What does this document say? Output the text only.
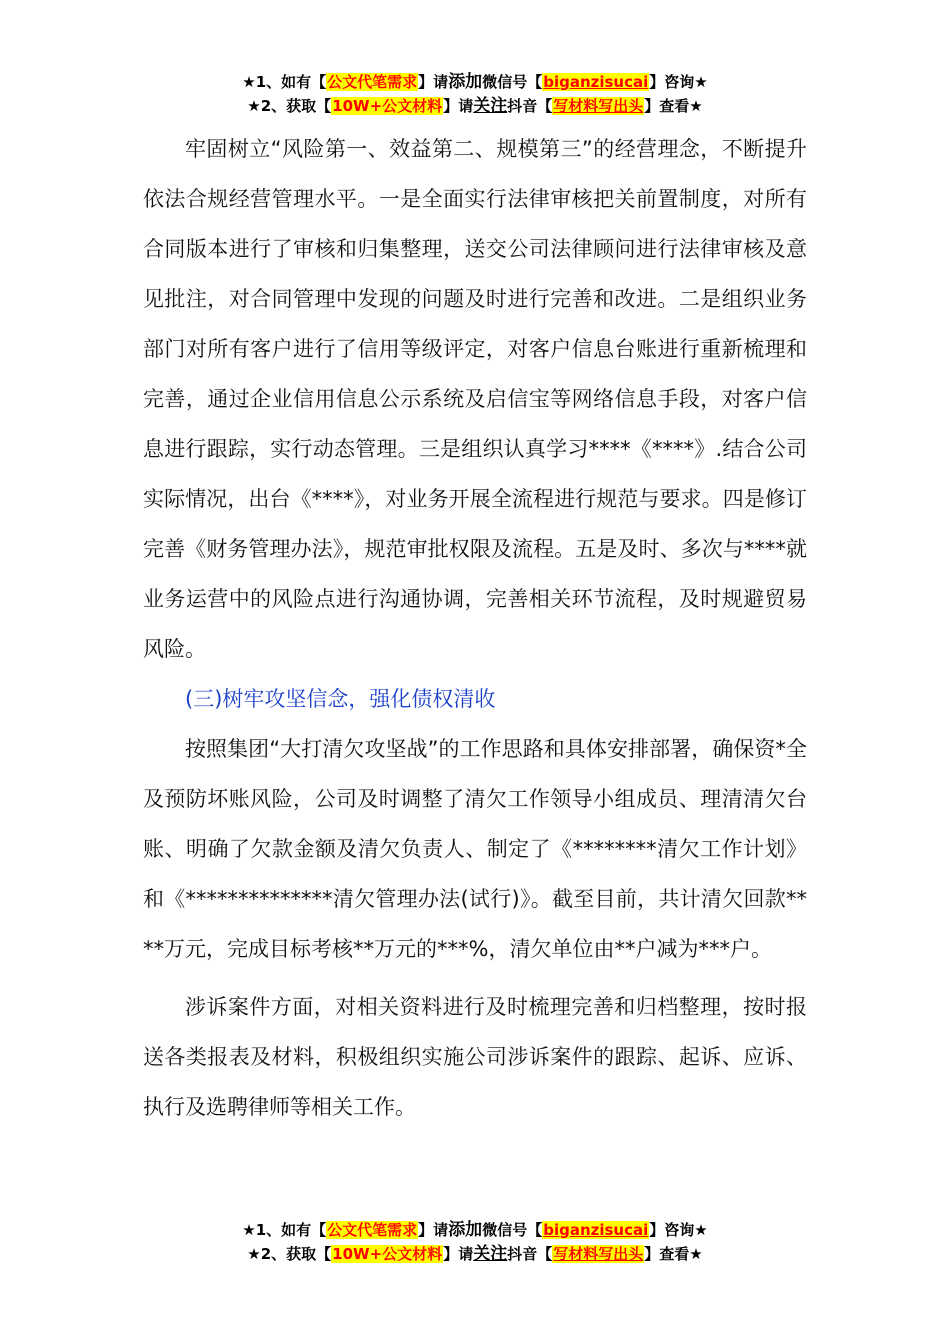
★1、如有【公文代笔需求】请添加微信号【biganzisucai】咨询★
★2、获取【10W+公文材料】请关注抖音【写材料写出头】查看★

牢固树立“风险第一、效益第二、规模第三”的经营理念，不断提升依法合规经营管理水平。一是全面实行法律审核把关前置制度，对所有合同版本进行了审核和归集整理，送交公司法律顾问进行法律审核及意见批注，对合同管理中发现的问题及时进行完善和改进。二是组织业务部门对所有客户进行了信用等级评定，对客户信息台账进行重新梳理和完善，通过企业信用信息公示系统及启信宝等网络信息手段，对客户信息进行跟踪，实行动态管理。三是组织认真学习****《****》.结合公司实际情况，出台《****》，对业务开展全流程进行规范与要求。四是修订完善《财务管理办法》，规范审批权限及流程。五是及时、多次与****就业务运营中的风险点进行沟通协调，完善相关环节流程，及时规避贸易风险。

(三)树牢攻坚信念，强化债权清收

按照集团“大打清欠攻坚战”的工作思路和具体安排部署，确保资*全及预防坏账风险，公司及时调整了清欠工作领导小组成员、理清清欠台账、明确了欠款金额及清欠负责人、制定了《********清欠工作计划》和《**************清欠管理办法(试行)》。截至目前，共计清欠回款****万元，完成目标考核**万元的***%，清欠单位由**户减为***户。

涉诉案件方面，对相关资料进行及时梳理完善和归档整理，按时报送各类报表及材料，积极组织实施公司涉诉案件的跟踪、起诉、应诉、执行及选聘律师等相关工作。

★1、如有【公文代笔需求】请添加微信号【biganzisucai】咨询★
★2、获取【10W+公文材料】请关注抖音【写材料写出头】查看★
